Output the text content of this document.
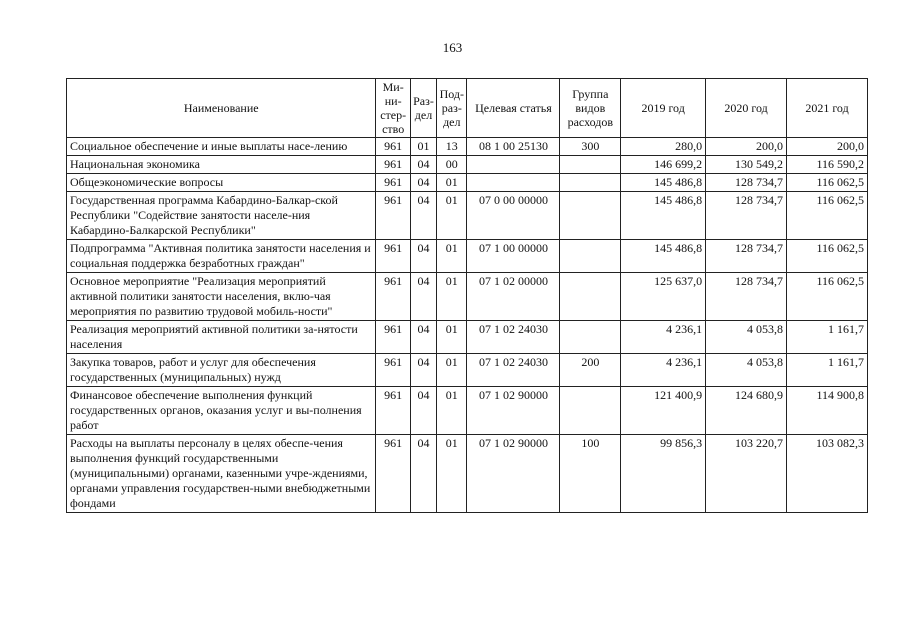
163
Наименование	Ми-ни-стер-ство	Раз-дел	Под-раз-дел	Целевая статья	Группа видов расходов	2019 год	2020 год	2021 год
Социальное обеспечение и иные выплаты насе-лению	961	01	13	08 1 00 25130	300	280,0	200,0	200,0
Национальная экономика	961	04	00			146 699,2	130 549,2	116 590,2
Общеэкономические вопросы	961	04	01			145 486,8	128 734,7	116 062,5
Государственная программа Кабардино-Балкар-ской Республики "Содействие занятости населе-ния Кабардино-Балкарской Республики"	961	04	01	07 0 00 00000		145 486,8	128 734,7	116 062,5
Подпрограмма "Активная политика занятости населения и социальная поддержка безработных граждан"	961	04	01	07 1 00 00000		145 486,8	128 734,7	116 062,5
Основное мероприятие "Реализация мероприятий активной политики занятости населения, вклю-чая мероприятия по развитию трудовой мобиль-ности"	961	04	01	07 1 02 00000		125 637,0	128 734,7	116 062,5
Реализация мероприятий активной политики за-нятости населения	961	04	01	07 1 02 24030		4 236,1	4 053,8	1 161,7
Закупка товаров, работ и услуг для обеспечения государственных (муниципальных) нужд	961	04	01	07 1 02 24030	200	4 236,1	4 053,8	1 161,7
Финансовое обеспечение выполнения функций государственных органов, оказания услуг и вы-полнения работ	961	04	01	07 1 02 90000		121 400,9	124 680,9	114 900,8
Расходы на выплаты персоналу в целях обеспе-чения выполнения функций государственными (муниципальными) органами, казенными учре-ждениями, органами управления государствен-ными внебюджетными фондами	961	04	01	07 1 02 90000	100	99 856,3	103 220,7	103 082,3
